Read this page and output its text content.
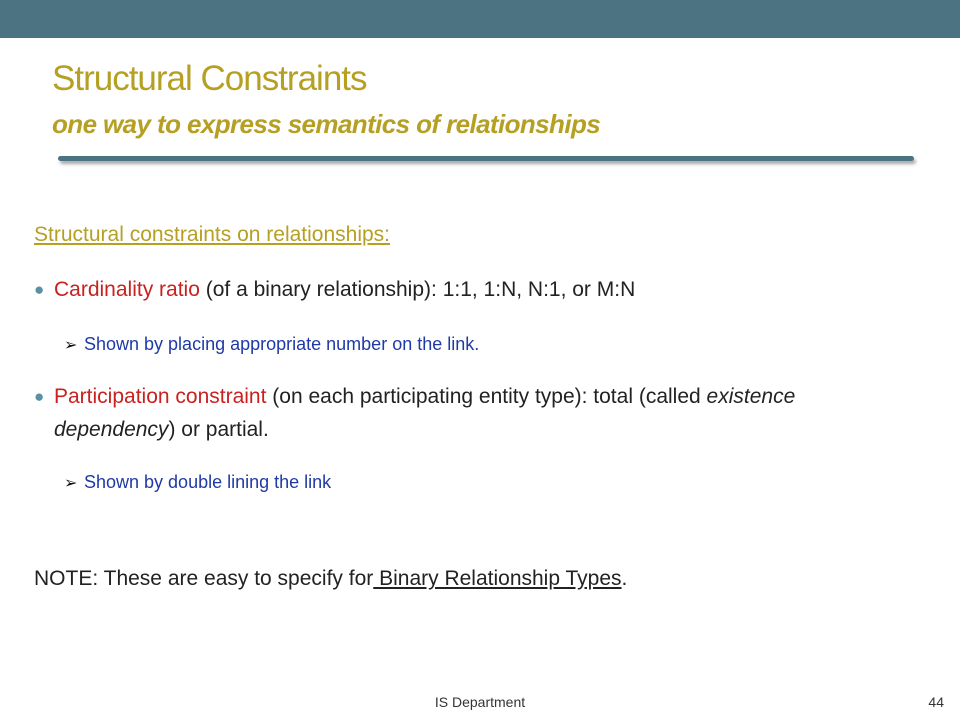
Structural Constraints
one way to express semantics of relationships
Structural constraints on relationships:
● Cardinality ratio (of a binary relationship): 1:1, 1:N, N:1, or M:N
➢ Shown by placing appropriate number on the link.
● Participation constraint (on each participating entity type): total (called existence dependency) or partial.
➢ Shown by double lining the link
NOTE: These are easy to specify for Binary Relationship Types.
IS Department	44
